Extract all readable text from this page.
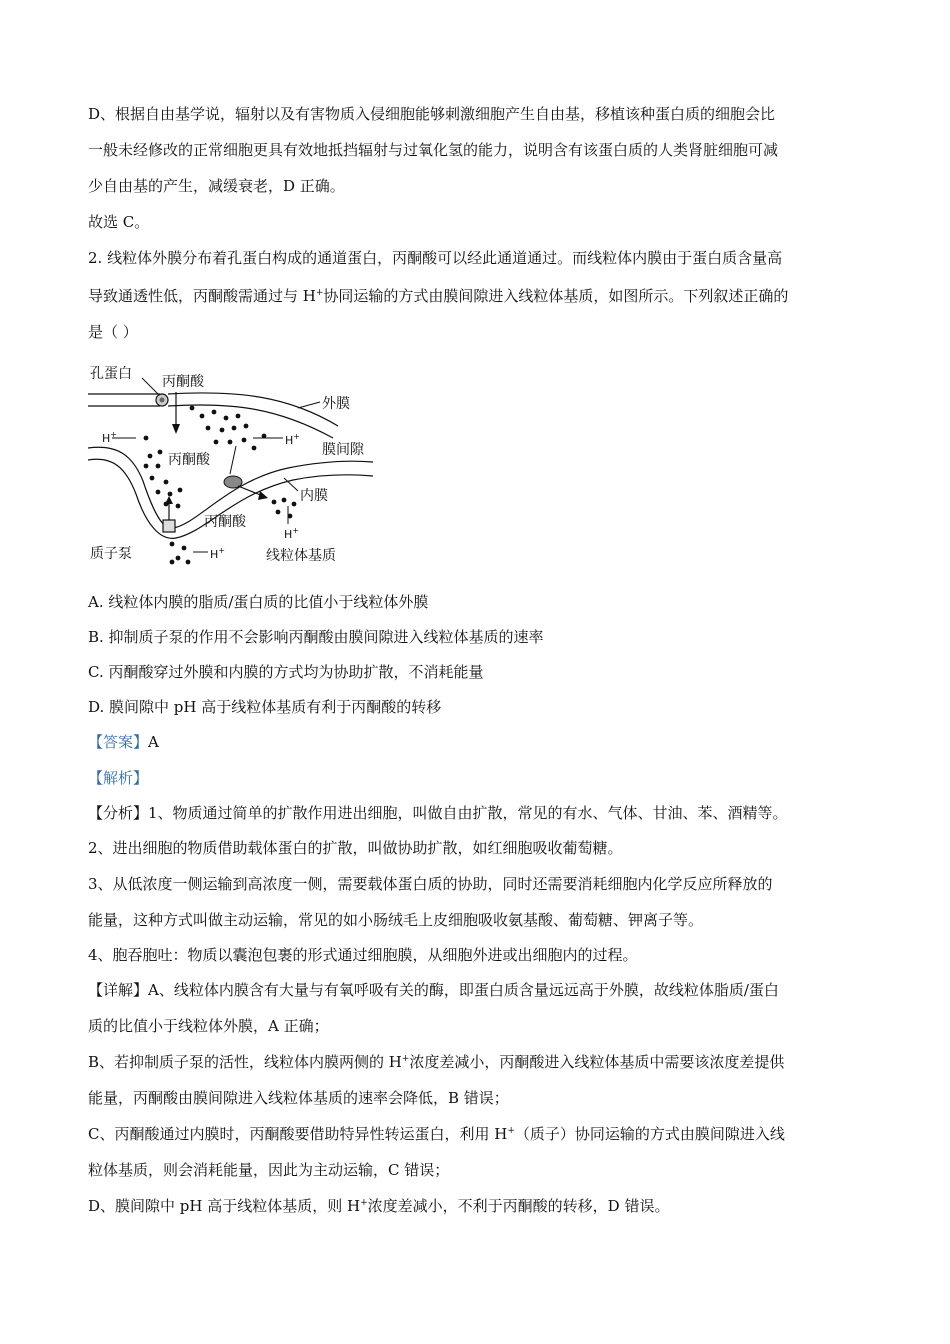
D、根据自由基学说，辐射以及有害物质入侵细胞能够刺激细胞产生自由基，移植该种蛋白质的细胞会比
一般未经修改的正常细胞更具有效地抵挡辐射与过氧化氢的能力，说明含有该蛋白质的人类肾脏细胞可减
少自由基的产生，减缓衰老，D 正确。
故选 C。
2. 线粒体外膜分布着孔蛋白构成的通道蛋白，丙酮酸可以经此通道通过。而线粒体内膜由于蛋白质含量高
导致通透性低，丙酮酸需通过与 H+协同运输的方式由膜间隙进入线粒体基质，如图所示。下列叙述正确的
是（ ）
孔蛋白 丙酮酸
外膜
膜间隙
H+	H+
丙酮酸
内膜
丙酮酸
H+
质子泵	H+	线粒体基质
A. 线粒体内膜的脂质/蛋白质的比值小于线粒体外膜
B. 抑制质子泵的作用不会影响丙酮酸由膜间隙进入线粒体基质的速率
C. 丙酮酸穿过外膜和内膜的方式均为协助扩散，不消耗能量
D. 膜间隙中 pH 高于线粒体基质有利于丙酮酸的转移
【答案】A
【解析】
【分析】1、物质通过简单的扩散作用进出细胞，叫做自由扩散，常见的有水、气体、甘油、苯、酒精等。
2、进出细胞的物质借助载体蛋白的扩散，叫做协助扩散，如红细胞吸收葡萄糖。
3、从低浓度一侧运输到高浓度一侧，需要载体蛋白质的协助，同时还需要消耗细胞内化学反应所释放的
能量，这种方式叫做主动运输，常见的如小肠绒毛上皮细胞吸收氨基酸、葡萄糖、钾离子等。
4、胞吞胞吐：物质以囊泡包裹的形式通过细胞膜，从细胞外进或出细胞内的过程。
【详解】A、线粒体内膜含有大量与有氧呼吸有关的酶，即蛋白质含量远远高于外膜，故线粒体脂质/蛋白
质的比值小于线粒体外膜，A 正确；
B、若抑制质子泵的活性，线粒体内膜两侧的 H+浓度差减小，丙酮酸进入线粒体基质中需要该浓度差提供
能量，丙酮酸由膜间隙进入线粒体基质的速率会降低，B 错误；
C、丙酮酸通过内膜时，丙酮酸要借助特异性转运蛋白，利用 H+（质子）协同运输的方式由膜间隙进入线
粒体基质，则会消耗能量，因此为主动运输，C 错误；
D、膜间隙中 pH 高于线粒体基质，则 H+浓度差减小，不利于丙酮酸的转移，D 错误。
